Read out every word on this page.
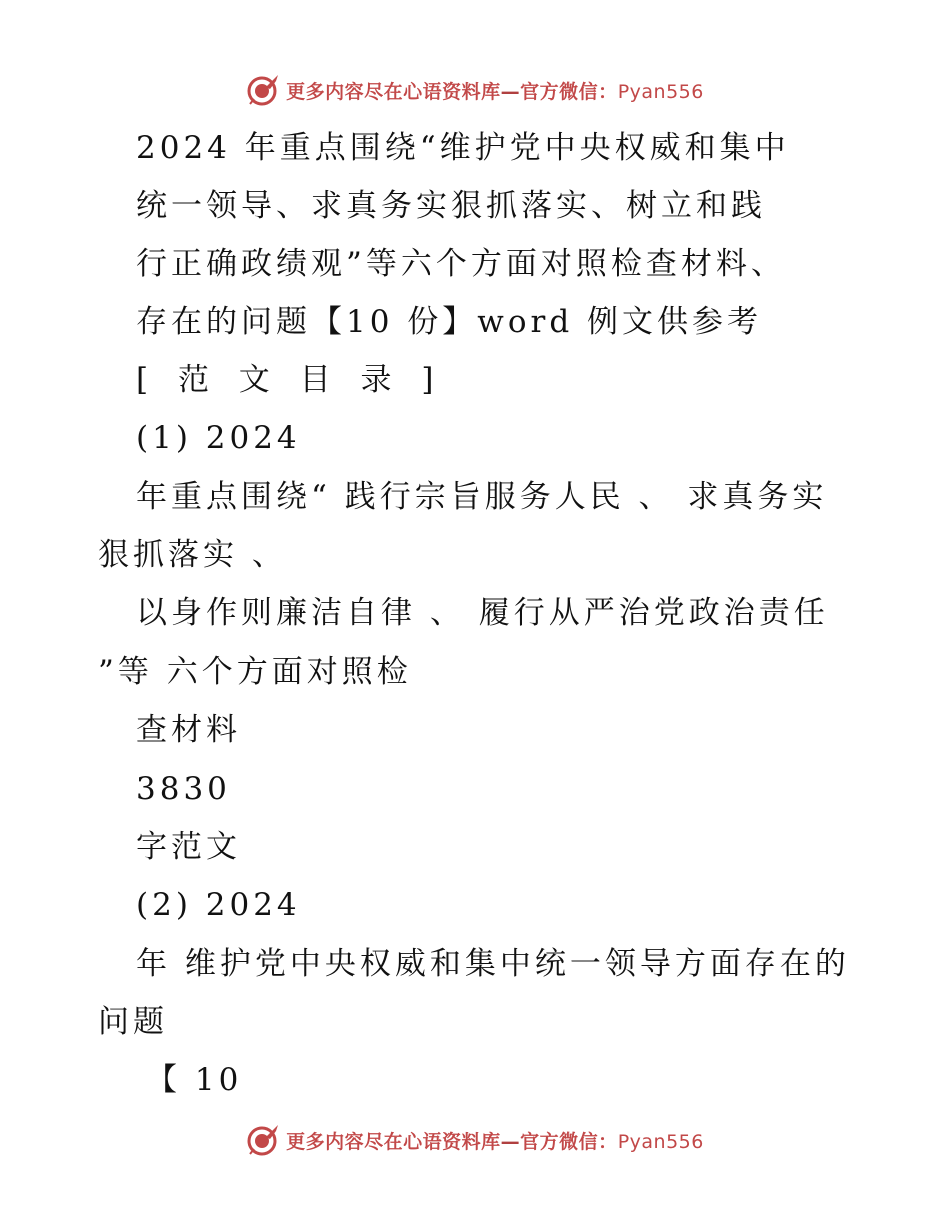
更多内容尽在心语资料库—官方微信：Pyan556
2024 年重点围绕“维护党中央权威和集中
统一领导、求真务实狠抓落实、树立和践
行正确政绩观”等六个方面对照检查材料、
存在的问题【10 份】word 例文供参考
[ 范 文 目 录 ]
(1) 2024
年重点围绕“ 践行宗旨服务人民 、 求真务实
狠抓落实 、
以身作则廉洁自律 、 履行从严治党政治责任
”等 六个方面对照检
查材料
3830
字范文
(2) 2024
年 维护党中央权威和集中统一领导方面存在的
问题
【 10
更多内容尽在心语资料库—官方微信：Pyan556
